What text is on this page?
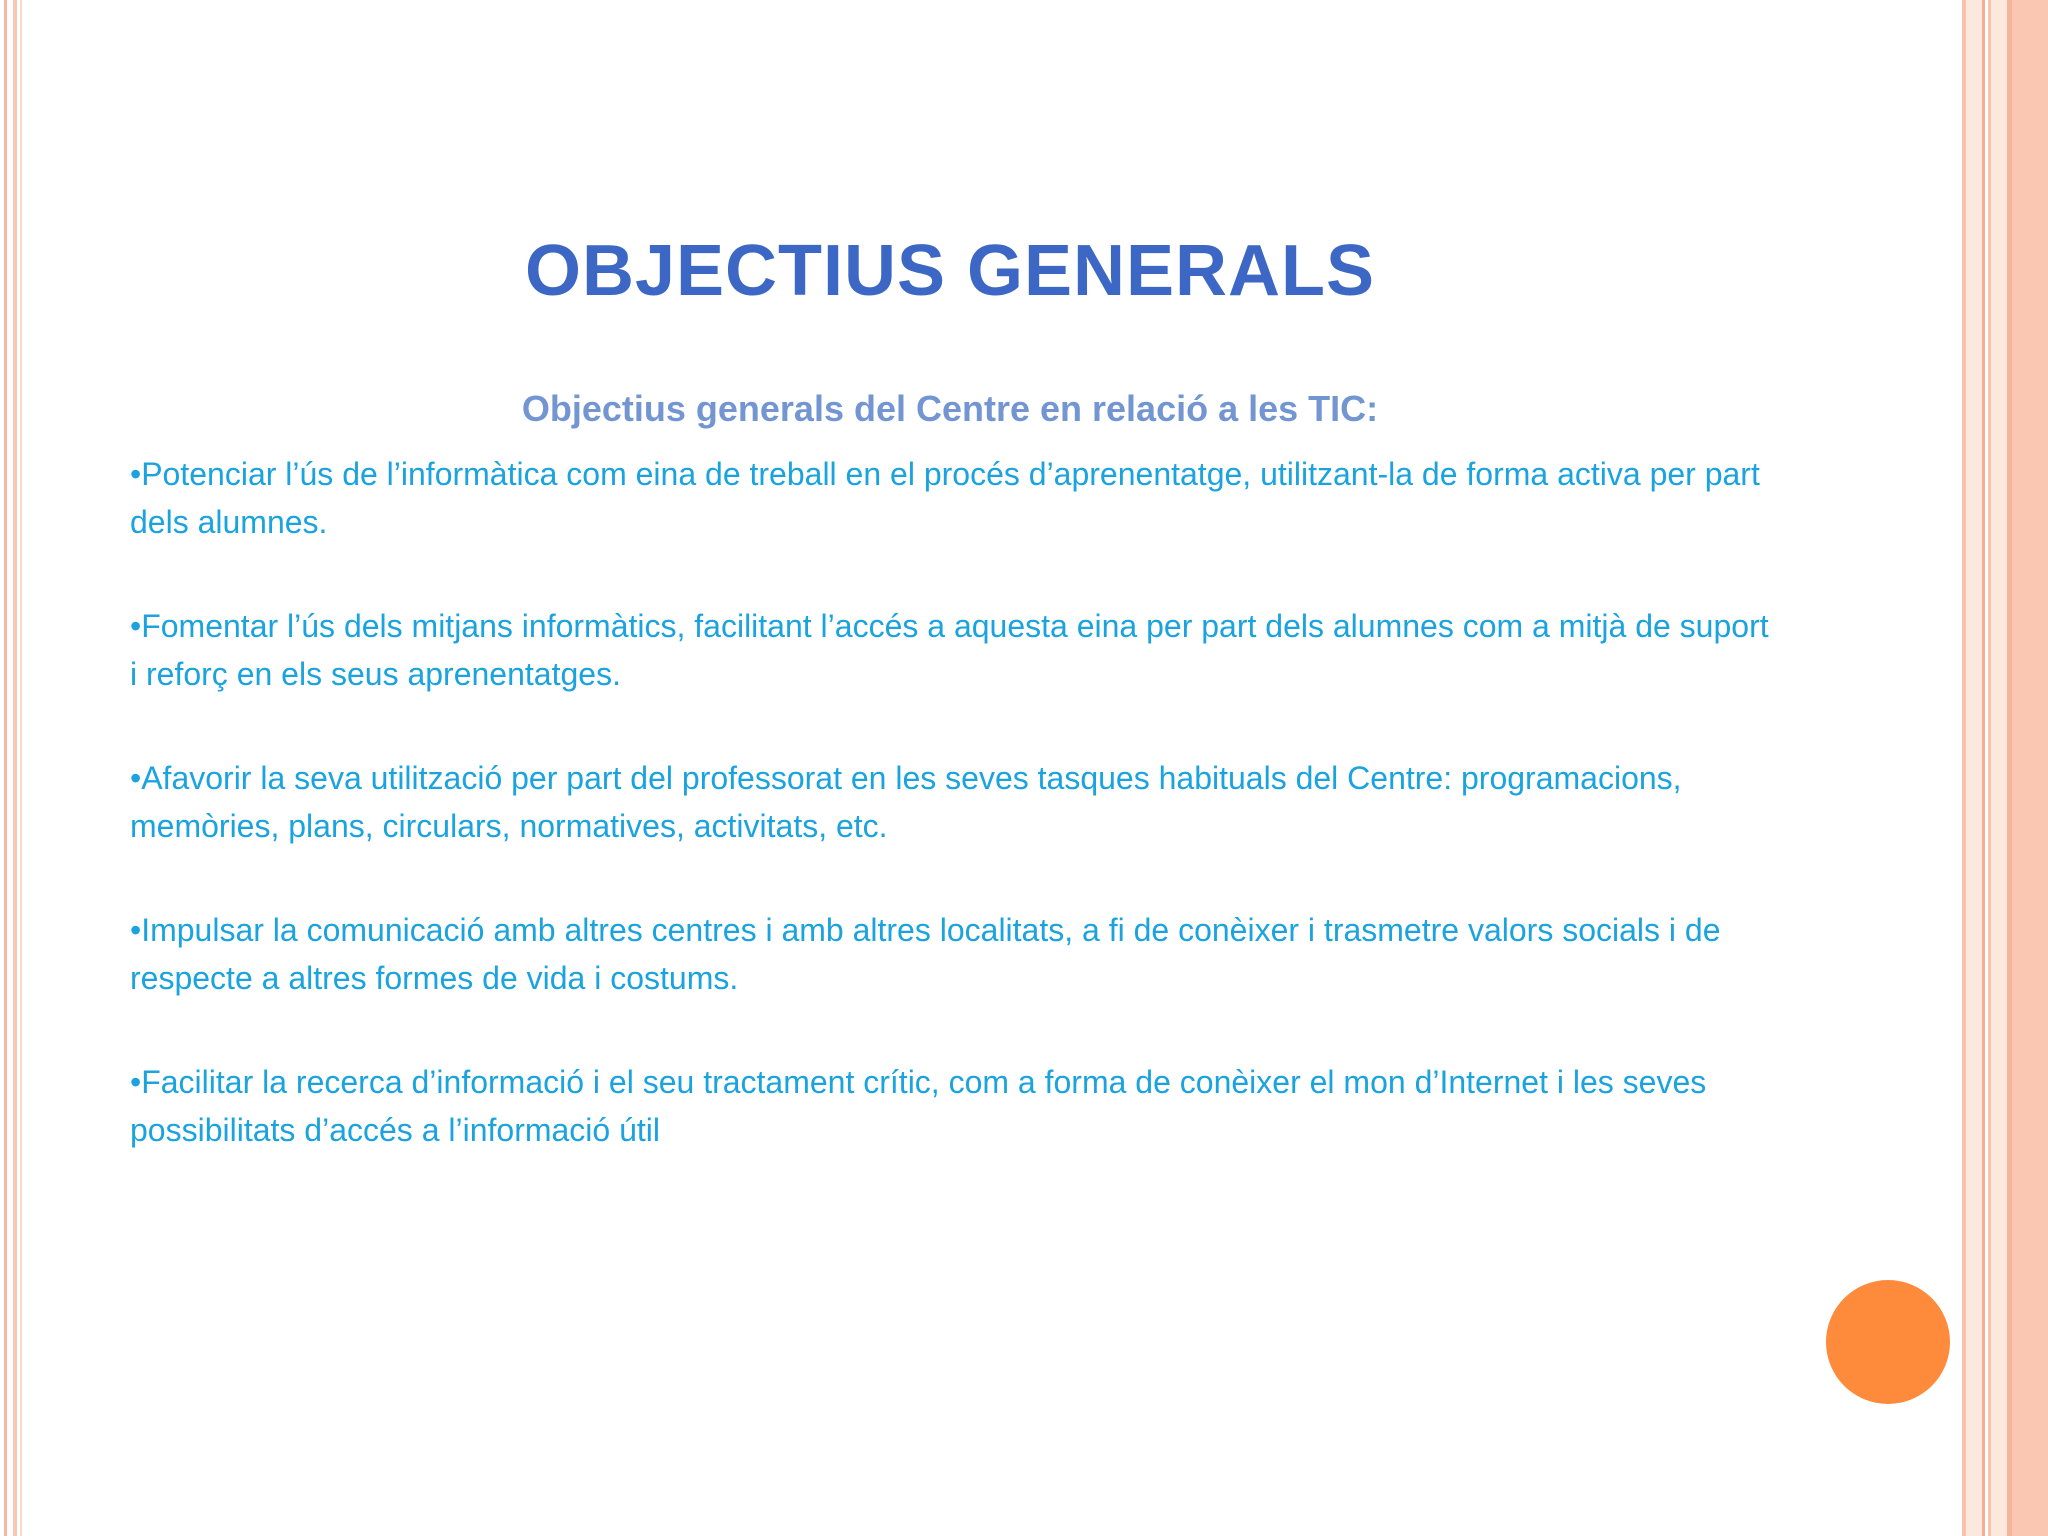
OBJECTIUS GENERALS
Objectius generals del Centre en relació a les TIC:
•Potenciar l’ús de l’informàtica com eina de treball en el procés d’aprenentatge, utilitzant-la de forma activa per part dels alumnes.
•Fomentar l’ús dels mitjans informàtics, facilitant l’accés a aquesta eina per part dels alumnes com a mitjà de suport i reforç en els seus aprenentatges.
•Afavorir la seva utilització per part del professorat en les seves tasques habituals del Centre: programacions, memòries, plans, circulars, normatives, activitats, etc.
•Impulsar la comunicació amb altres centres i amb altres localitats, a fi de conèixer i trasmetre valors socials i de respecte a altres formes de vida i costums.
•Facilitar la recerca d’informació i el seu tractament crític, com a forma de conèixer el mon d’Internet i les seves possibilitats d’accés a l’informació útil
